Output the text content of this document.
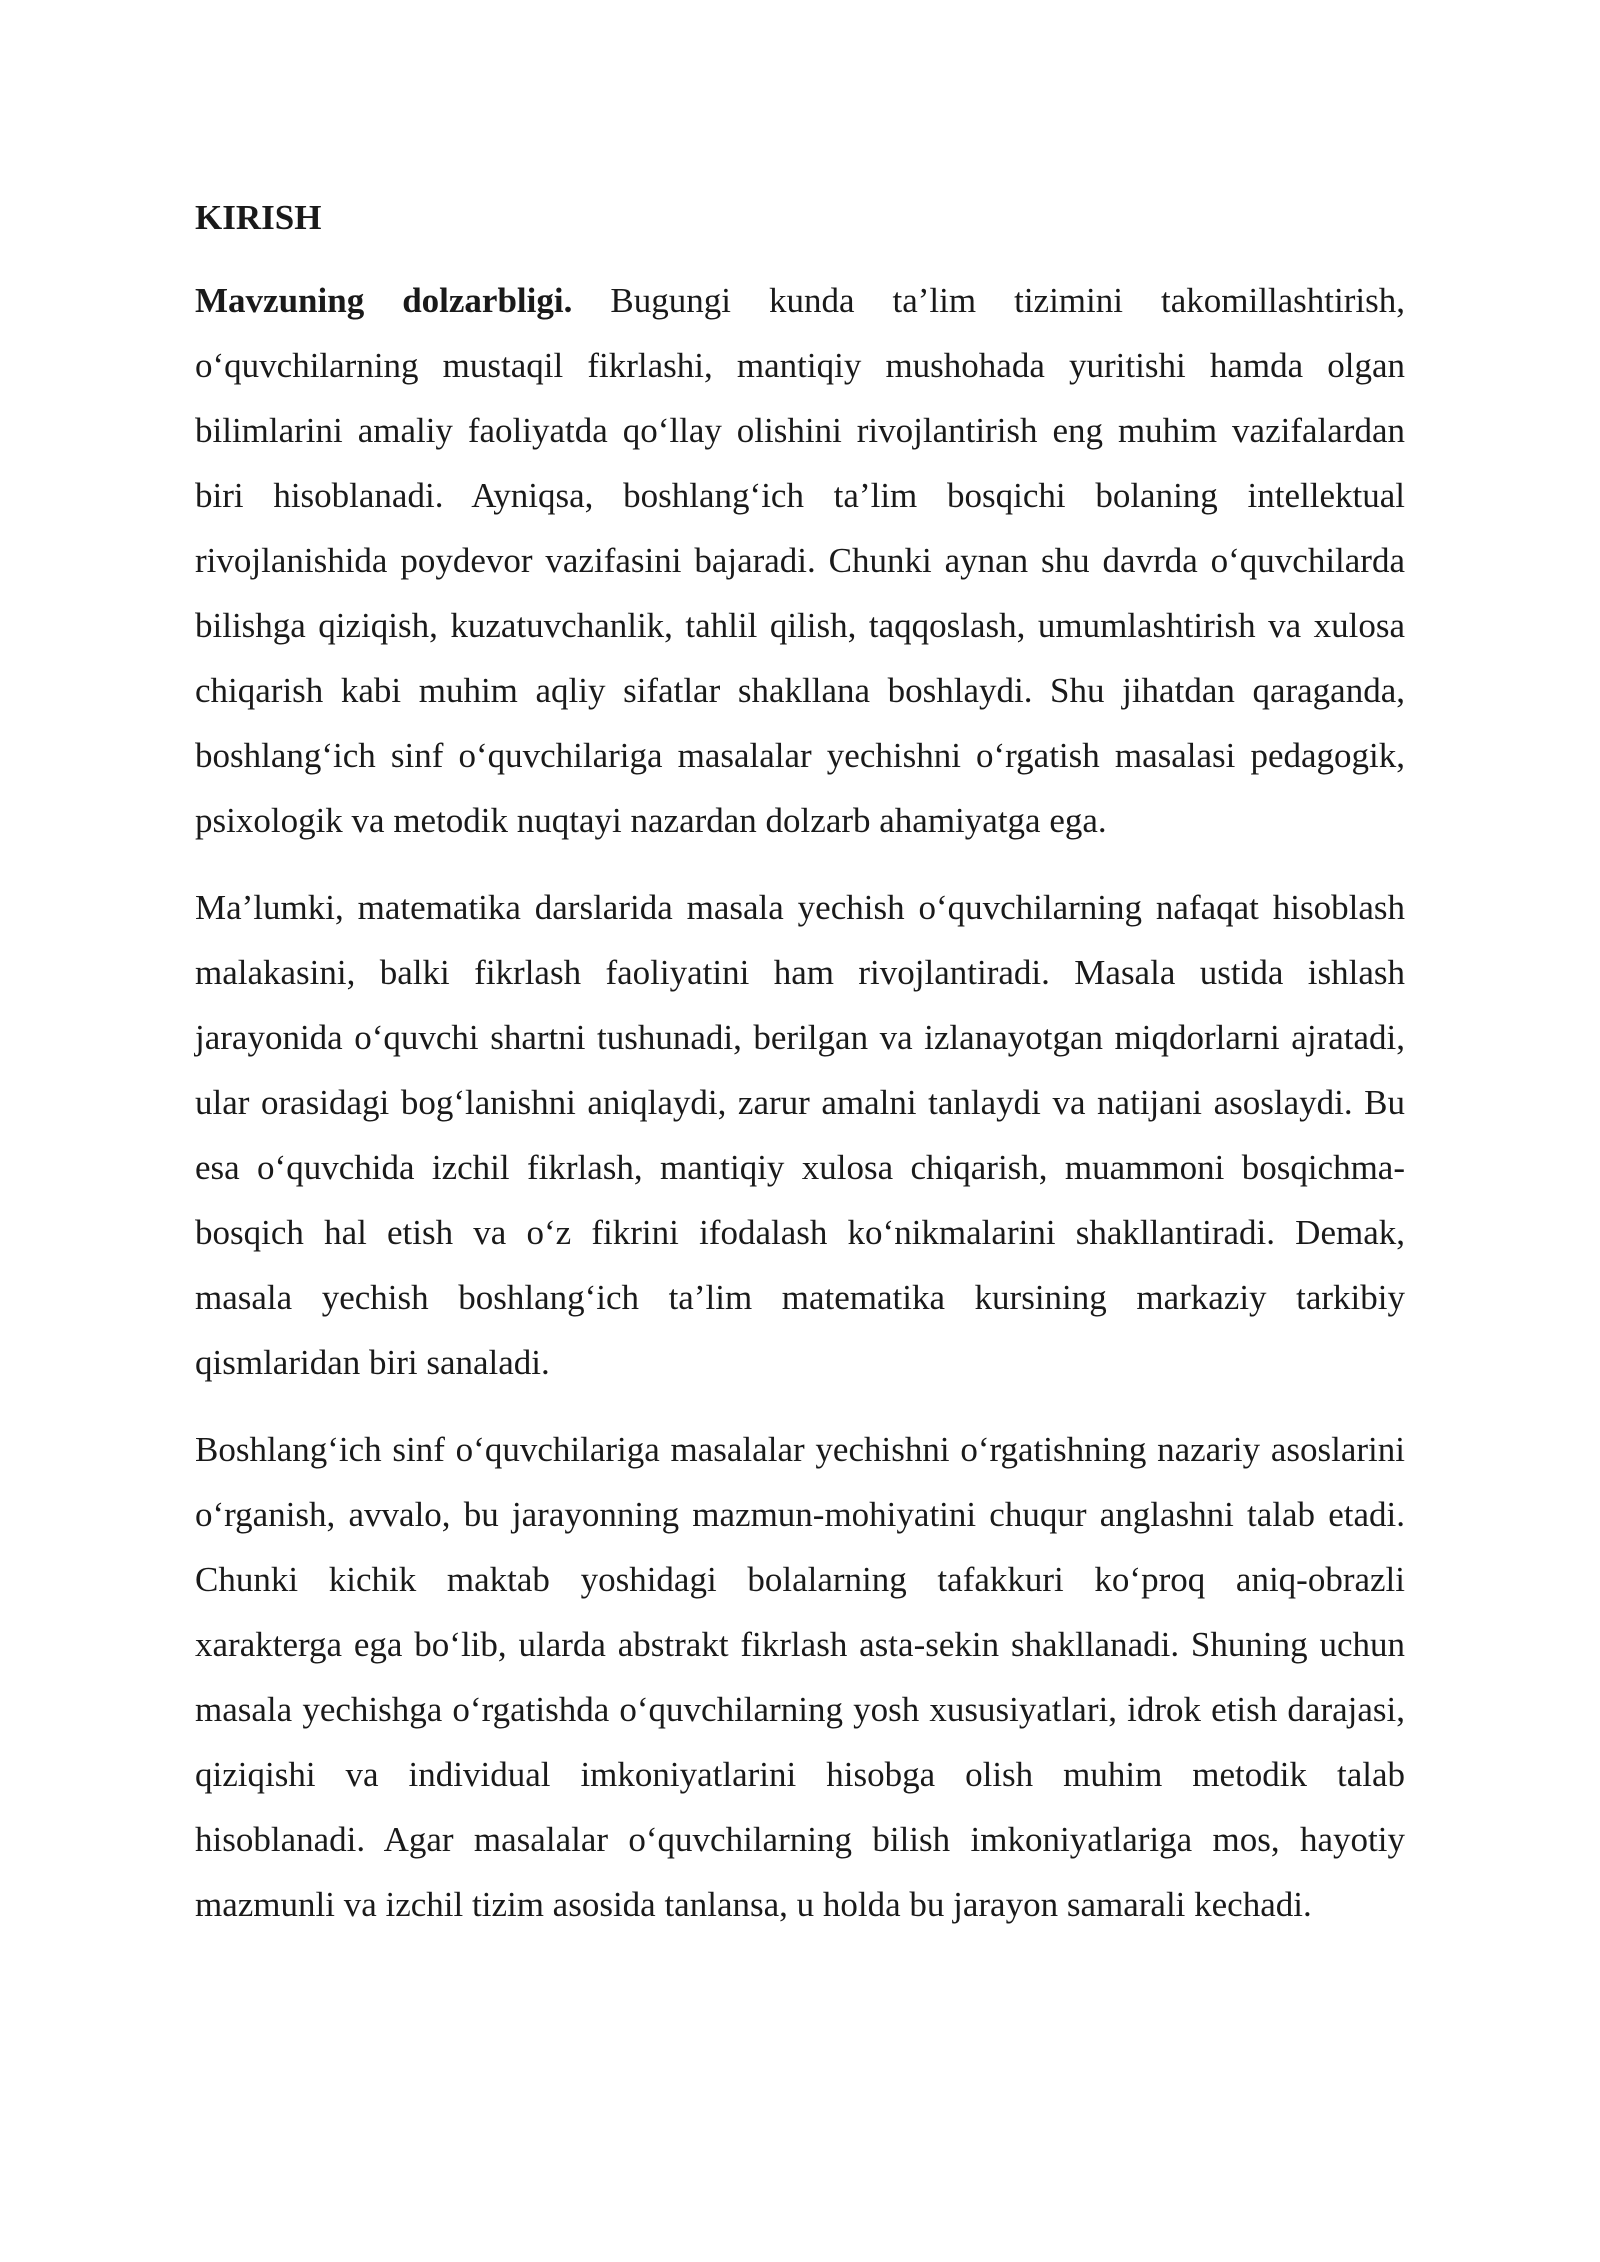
KIRISH

Mavzuning dolzarbligi. Bugungi kunda ta’lim tizimini takomillashtirish, o‘quvchilarning mustaqil fikrlashi, mantiqiy mushohada yuritishi hamda olgan bilimlarini amaliy faoliyatda qo‘llay olishini rivojlantirish eng muhim vazifalardan biri hisoblanadi. Ayniqsa, boshlang‘ich ta’lim bosqichi bolaning intellektual rivojlanishida poydevor vazifasini bajaradi. Chunki aynan shu davrda o‘quvchilarda bilishga qiziqish, kuzatuvchanlik, tahlil qilish, taqqoslash, umumlashtirish va xulosa chiqarish kabi muhim aqliy sifatlar shakllana boshlaydi. Shu jihatdan qaraganda, boshlang‘ich sinf o‘quvchilariga masalalar yechishni o‘rgatish masalasi pedagogik, psixologik va metodik nuqtayi nazardan dolzarb ahamiyatga ega.

Ma’lumki, matematika darslarida masala yechish o‘quvchilarning nafaqat hisoblash malakasini, balki fikrlash faoliyatini ham rivojlantiradi. Masala ustida ishlash jarayonida o‘quvchi shartni tushunadi, berilgan va izlanayotgan miqdorlarni ajratadi, ular orasidagi bog‘lanishni aniqlaydi, zarur amalni tanlaydi va natijani asoslaydi. Bu esa o‘quvchida izchil fikrlash, mantiqiy xulosa chiqarish, muammoni bosqichma-bosqich hal etish va o‘z fikrini ifodalash ko‘nikmalarini shakllantiradi. Demak, masala yechish boshlang‘ich ta’lim matematika kursining markaziy tarkibiy qismlaridan biri sanaladi.

Boshlang‘ich sinf o‘quvchilariga masalalar yechishni o‘rgatishning nazariy asoslarini o‘rganish, avvalo, bu jarayonning mazmun-mohiyatini chuqur anglashni talab etadi. Chunki kichik maktab yoshidagi bolalarning tafakkuri ko‘proq aniq-obrazli xarakterga ega bo‘lib, ularda abstrakt fikrlash asta-sekin shakllanadi. Shuning uchun masala yechishga o‘rgatishda o‘quvchilarning yosh xususiyatlari, idrok etish darajasi, qiziqishi va individual imkoniyatlarini hisobga olish muhim metodik talab hisoblanadi. Agar masalalar o‘quvchilarning bilish imkoniyatlariga mos, hayotiy mazmunli va izchil tizim asosida tanlansa, u holda bu jarayon samarali kechadi.
